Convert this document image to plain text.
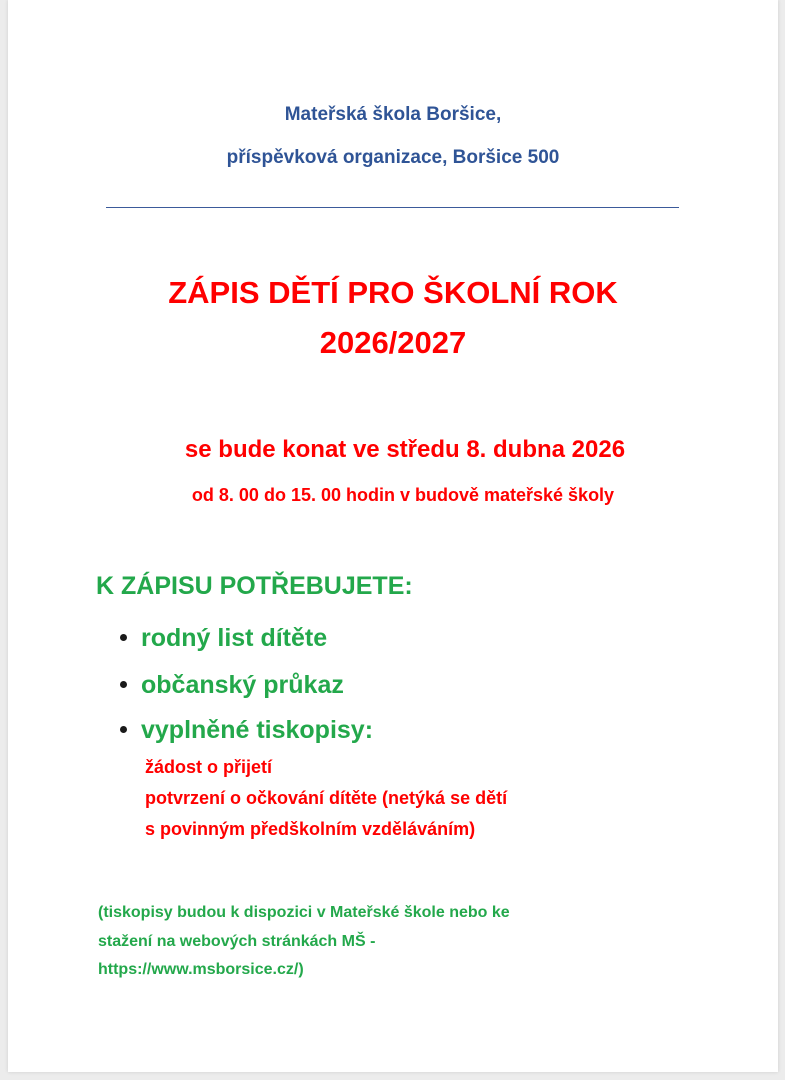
Mateřská škola Boršice,
příspěvková organizace, Boršice 500
ZÁPIS DĚTÍ PRO ŠKOLNÍ ROK
2026/2027
se bude konat ve středu 8. dubna 2026
od 8. 00 do 15. 00 hodin v budově mateřské školy
K ZÁPISU POTŘEBUJETE:
rodný list dítěte
občanský průkaz
vyplněné tiskopisy:
žádost o přijetí
potvrzení o očkování dítěte (netýká se dětí
s povinným předškolním vzděláváním)
(tiskopisy budou k dispozici v Mateřské škole nebo ke
stažení na webových stránkách MŠ -
https://www.msborsice.cz/)
